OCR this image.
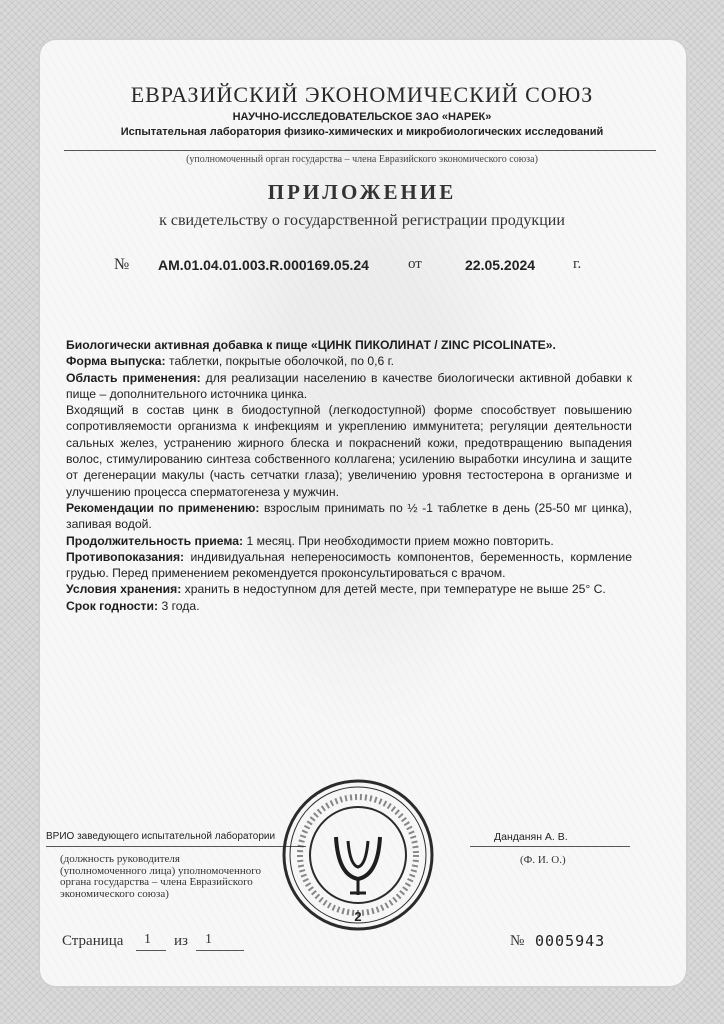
ЕВРАЗИЙСКИЙ ЭКОНОМИЧЕСКИЙ СОЮЗ
НАУЧНО-ИССЛЕДОВАТЕЛЬСКОЕ ЗАО «НАРЕК»
Испытательная лаборатория физико-химических и микробиологических исследований
(уполномоченный орган государства – члена Евразийского экономического союза)
ПРИЛОЖЕНИЕ
к свидетельству о государственной регистрации продукции
№ AM.01.04.01.003.R.000169.05.24	от	22.05.2024	г.

Биологически активная добавка к пище «ЦИНК ПИКОЛИНАТ / ZINC PICOLINATE».

Форма выпуска: таблетки, покрытые оболочкой, по 0,6 г.

Область применения: для реализации населению в качестве биологически активной добавки к пище – дополнительного источника цинка.

Входящий в состав цинк в биодоступной (легкодоступной) форме способствует повышению сопротивляемости организма к инфекциям и укреплению иммунитета; регуляции деятельности сальных желез, устранению жирного блеска и покраснений кожи, предотвращению выпадения волос, стимулированию синтеза собственного коллагена; усилению выработки инсулина и защите от дегенерации макулы (часть сетчатки глаза); увеличению уровня тестостерона в организме и улучшению процесса сперматогенеза у мужчин.

Рекомендации по применению: взрослым принимать по ½ -1 таблетке в день (25-50 мг цинка), запивая водой.

Продолжительность приема: 1 месяц. При необходимости прием можно повторить.

Противопоказания: индивидуальная непереносимость компонентов, беременность, кормление грудью. Перед применением рекомендуется проконсультироваться с врачом.

Условия хранения: хранить в недоступном для детей месте, при температуре не выше 25° С.

Срок годности: 3 года.

ВРИО заведующего испытательной лаборатории	Данданян А. В.
(должность руководителя
(уполномоченного лица) уполномоченного
органа государства – члена Евразийского
экономического союза)
(Ф. И. О.)
2
Страница 1 из 1	№ 0005943
